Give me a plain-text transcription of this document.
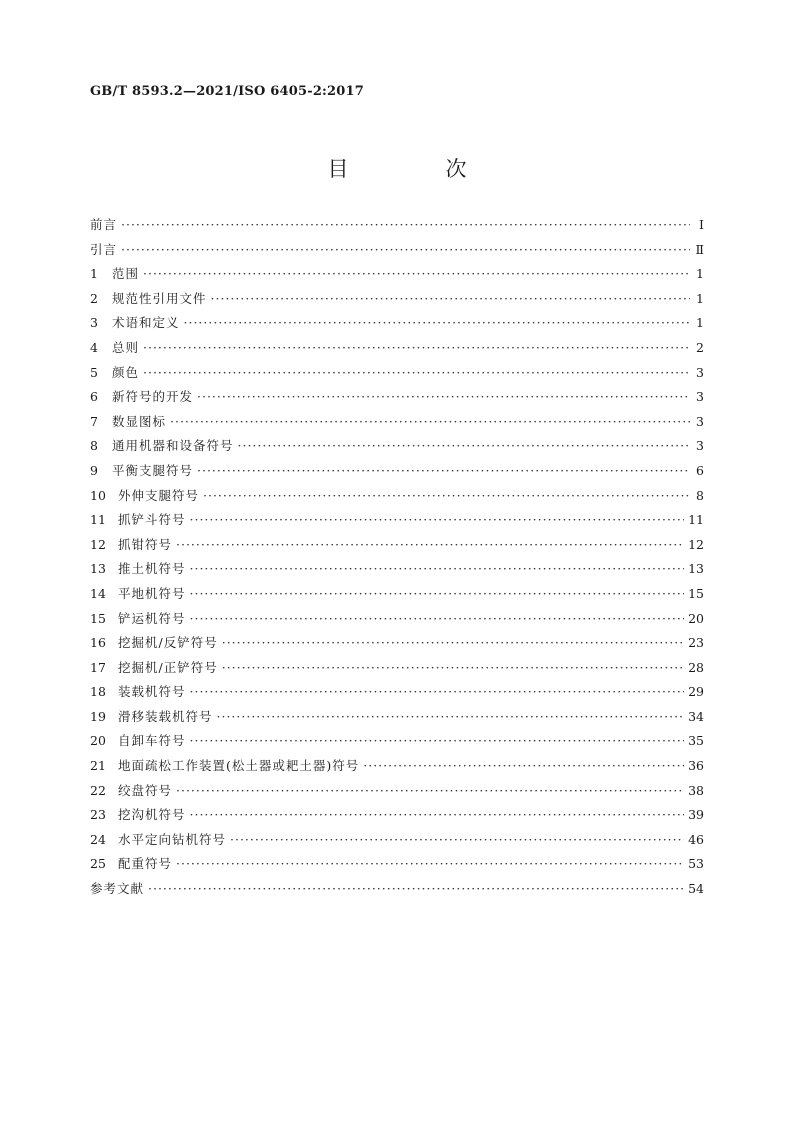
GB/T 8593.2—2021/ISO 6405-2:2017
目　次
前言 ·····	Ⅰ
引言 ·····	Ⅱ
1	范围 ·····	1
2	规范性引用文件 ·····	1
3	术语和定义 ·····	1
4	总则 ·····	2
5	颜色 ·····	3
6	新符号的开发 ·····	3
7	数显图标 ·····	3
8	通用机器和设备符号 ·····	3
9	平衡支腿符号 ·····	6
10 外伸支腿符号 ·····	8
11 抓铲斗符号 ·····	11
12 抓钳符号 ·····	12
13 推土机符号 ·····	13
14 平地机符号 ·····	15
15 铲运机符号 ·····	20
16 挖掘机/反铲符号 ·····	23
17 挖掘机/正铲符号 ·····	28
18 装载机符号 ·····	29
19 滑移装载机符号 ·····	34
20 自卸车符号 ·····	35
21 地面疏松工作装置(松土器或耙土器)符号 ·····	36
22 绞盘符号 ·····	38
23 挖沟机符号 ·····	39
24 水平定向钻机符号 ·····	46
25 配重符号 ·····	53
参考文献 ·····	54
